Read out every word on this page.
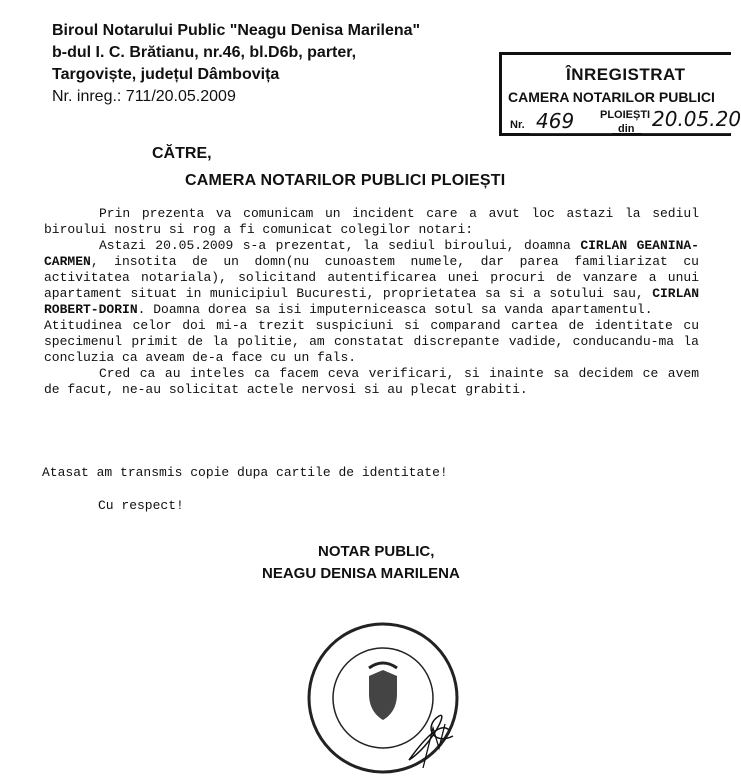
Biroul Notarului Public "Neagu Denisa Marilena"
b-dul I. C. Brătianu, nr.46, bl.D6b, parter,
Targoviște, județul Dâmbovița
Nr. inreg.: 711/20.05.2009
ÎNREGISTRAT
CAMERA NOTARILOR PUBLICI
PLOIEȘTI
Nr. 469	din 20.05.20
CĂTRE,
CAMERA NOTARILOR PUBLICI PLOIEȘTI

Prin prezenta va comunicam un incident care a avut loc astazi la sediul biroului nostru si rog a fi comunicat colegilor notari:

Astazi 20.05.2009 s-a prezentat, la sediul biroului, doamna CIRLAN GEANINA-CARMEN, insotita de un domn(nu cunoastem numele, dar parea familiarizat cu activitatea notariala), solicitand autentificarea unei procuri de vanzare a unui apartament situat in municipiul Bucuresti, proprietatea sa si a sotului sau, CIRLAN ROBERT-DORIN. Doamna dorea sa isi imputerniceasca sotul sa vanda apartamentul.

Atitudinea celor doi mi-a trezit suspiciuni si comparand cartea de identitate cu specimenul primit de la politie, am constatat discrepante vadide, conducandu-ma la concluzia ca aveam de-a face cu un fals.

Cred ca au inteles ca facem ceva verificari, si inainte sa decidem ce avem de facut, ne-au solicitat actele nervosi si au plecat grabiti.

Atasat am transmis copie dupa cartile de identitate!
Cu respect!
NOTAR PUBLIC,
NEAGU DENISA MARILENA
